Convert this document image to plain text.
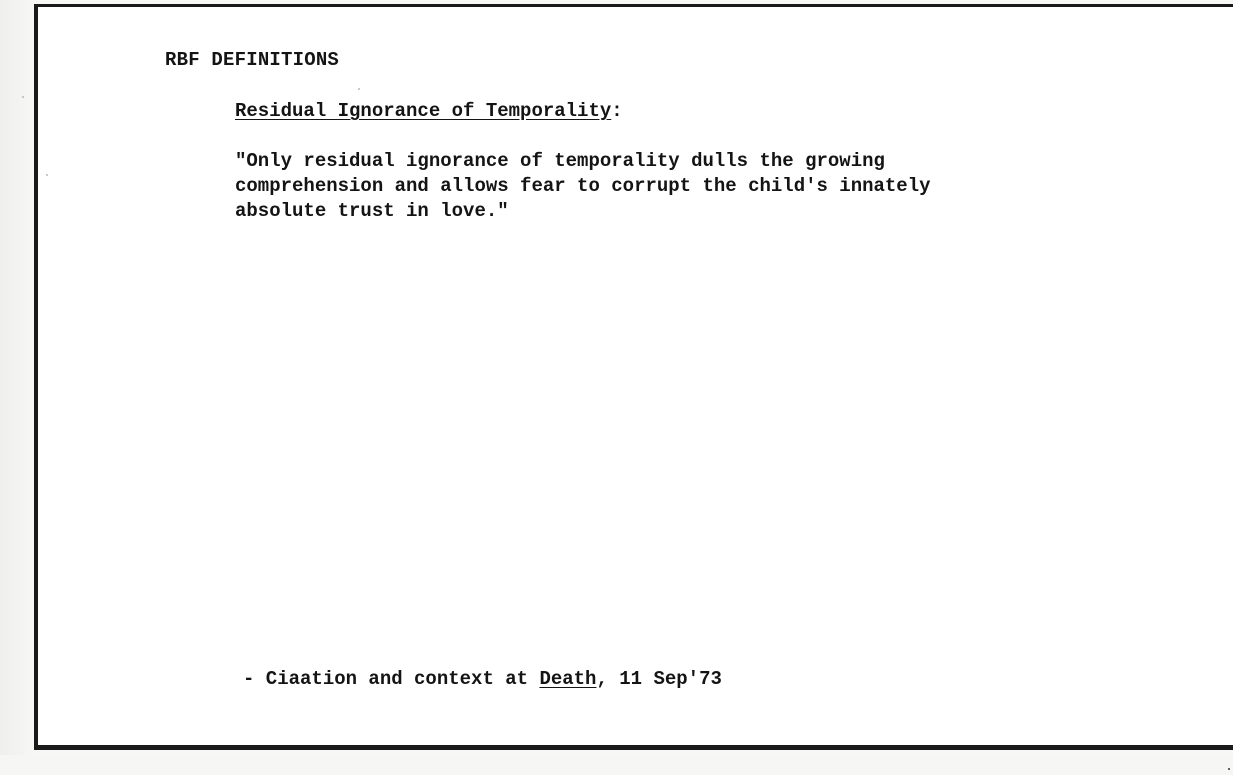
RBF DEFINITIONS
Residual Ignorance of Temporality:
"Only residual ignorance of temporality dulls the growing
comprehension and allows fear to corrupt the child's innately
absolute trust in love."
- Ciaation and context at Death, 11 Sep'73
